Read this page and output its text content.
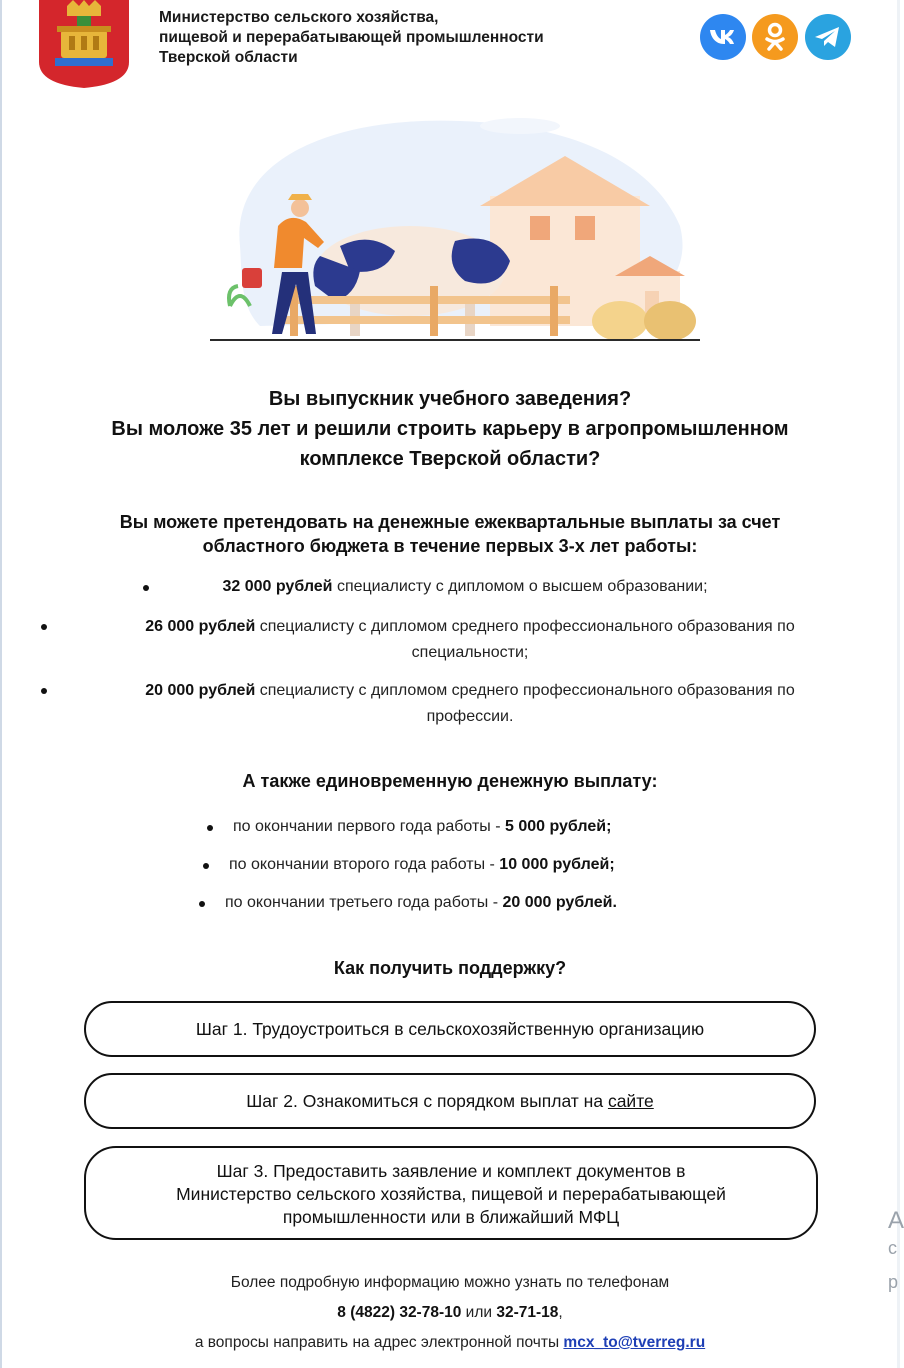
Министерство сельского хозяйства,
пищевой и перерабатывающей промышленности
Тверской области
Вы выпускник учебного заведения?
Вы моложе 35 лет и решили строить карьеру в агропромышленном
комплексе Тверской области?
Вы можете претендовать на денежные ежеквартальные выплаты за счет
областного бюджета в течение первых 3-х лет работы:
32 000 рублей специалисту с дипломом о высшем образовании;
26 000 рублей специалисту с дипломом среднего профессионального образования по
специальности;
20 000 рублей специалисту с дипломом среднего профессионального образования по
профессии.
А также единовременную денежную выплату:
по окончании первого года работы - 5 000 рублей;
по окончании второго года работы - 10 000 рублей;
по окончании третьего года работы - 20 000 рублей.
Как получить поддержку?
Шаг 1. Трудоустроиться в сельскохозяйственную организацию
Шаг 2. Ознакомиться с порядком выплат на сайте
Шаг 3. Предоставить заявление и комплект документов в
Министерство сельского хозяйства, пищевой и перерабатывающей
промышленности или в ближайший МФЦ
Более подробную информацию можно узнать по телефонам
8 (4822) 32-78-10 или 32-71-18,
а вопросы направить на адрес электронной почты mcx_to@tverreg.ru
А
с
р
